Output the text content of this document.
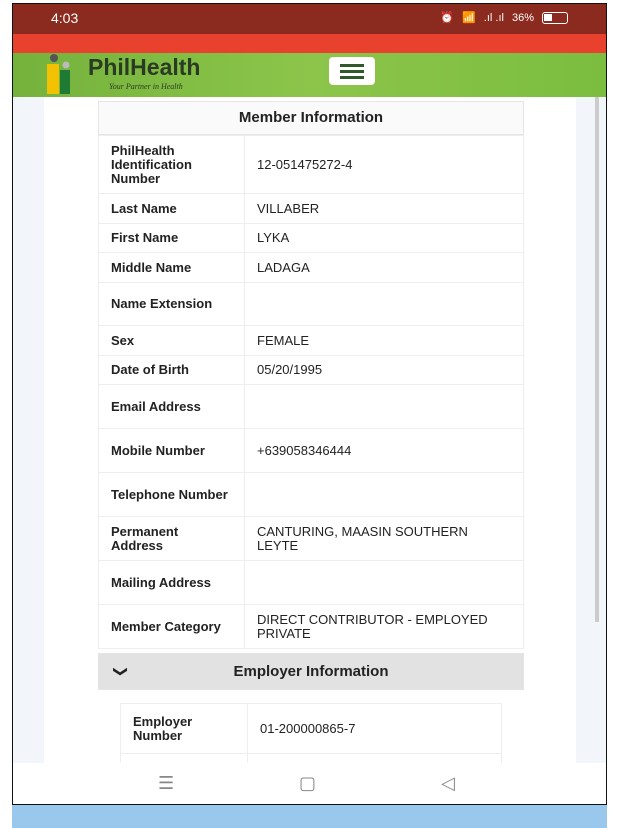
4:03	⏰ 📶 .ıl .ıl 36%
PhilHealth
Your Partner in Health
Member Information
PhilHealth Identification Number	12-051475272-4
Last Name	VILLABER
First Name	LYKA
Middle Name	LADAGA
Name Extension	
Sex	FEMALE
Date of Birth	05/20/1995
Email Address	
Mobile Number	+639058346444
Telephone Number	
Permanent Address	CANTURING, MAASIN SOUTHERN LEYTE
Mailing Address	
Member Category	DIRECT CONTRIBUTOR - EMPLOYED PRIVATE
❯	Employer Information
Employer Number	01-200000865-7

☰	▢	◁
